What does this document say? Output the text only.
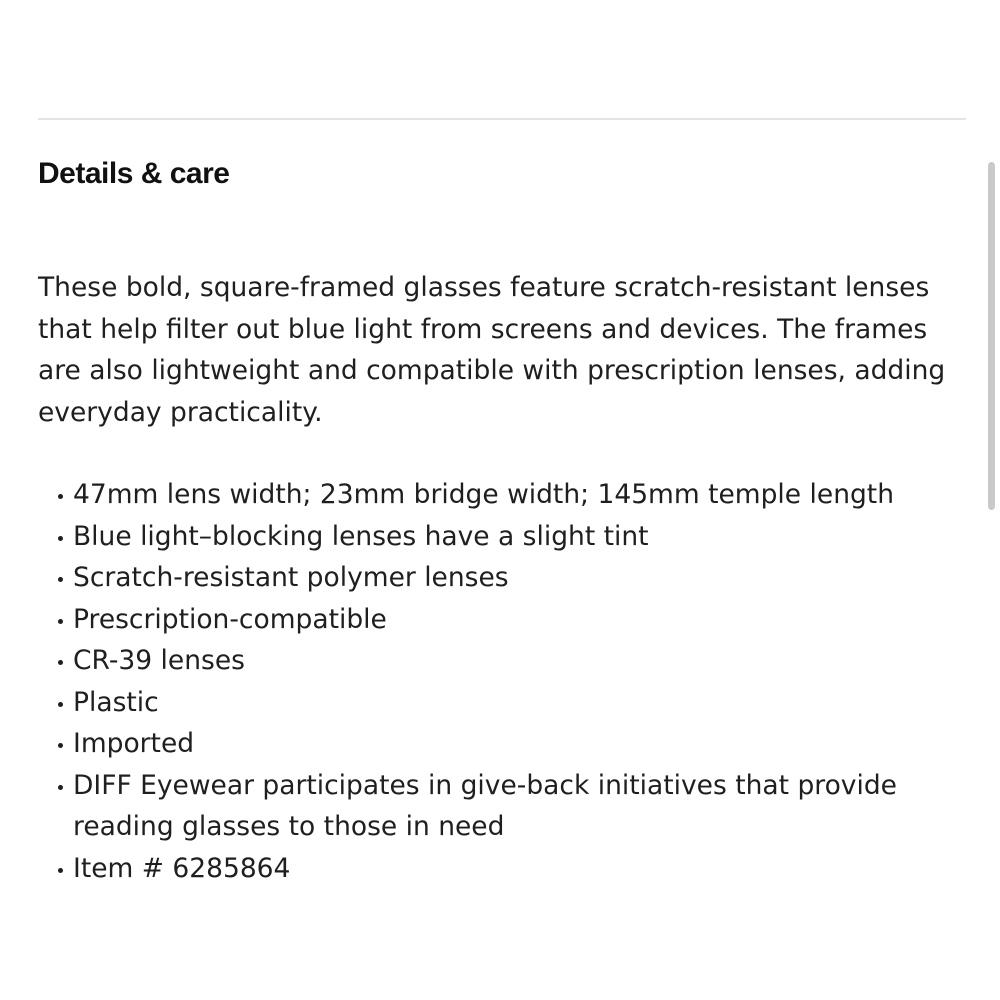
Details & care

These bold, square-framed glasses feature scratch-resistant lenses that help filter out blue light from screens and devices. The frames are also lightweight and compatible with prescription lenses, adding everyday practicality.

47mm lens width; 23mm bridge width; 145mm temple length
Blue light–blocking lenses have a slight tint
Scratch-resistant polymer lenses
Prescription-compatible
CR-39 lenses
Plastic
Imported
DIFF Eyewear participates in give-back initiatives that provide reading glasses to those in need
Item # 6285864
